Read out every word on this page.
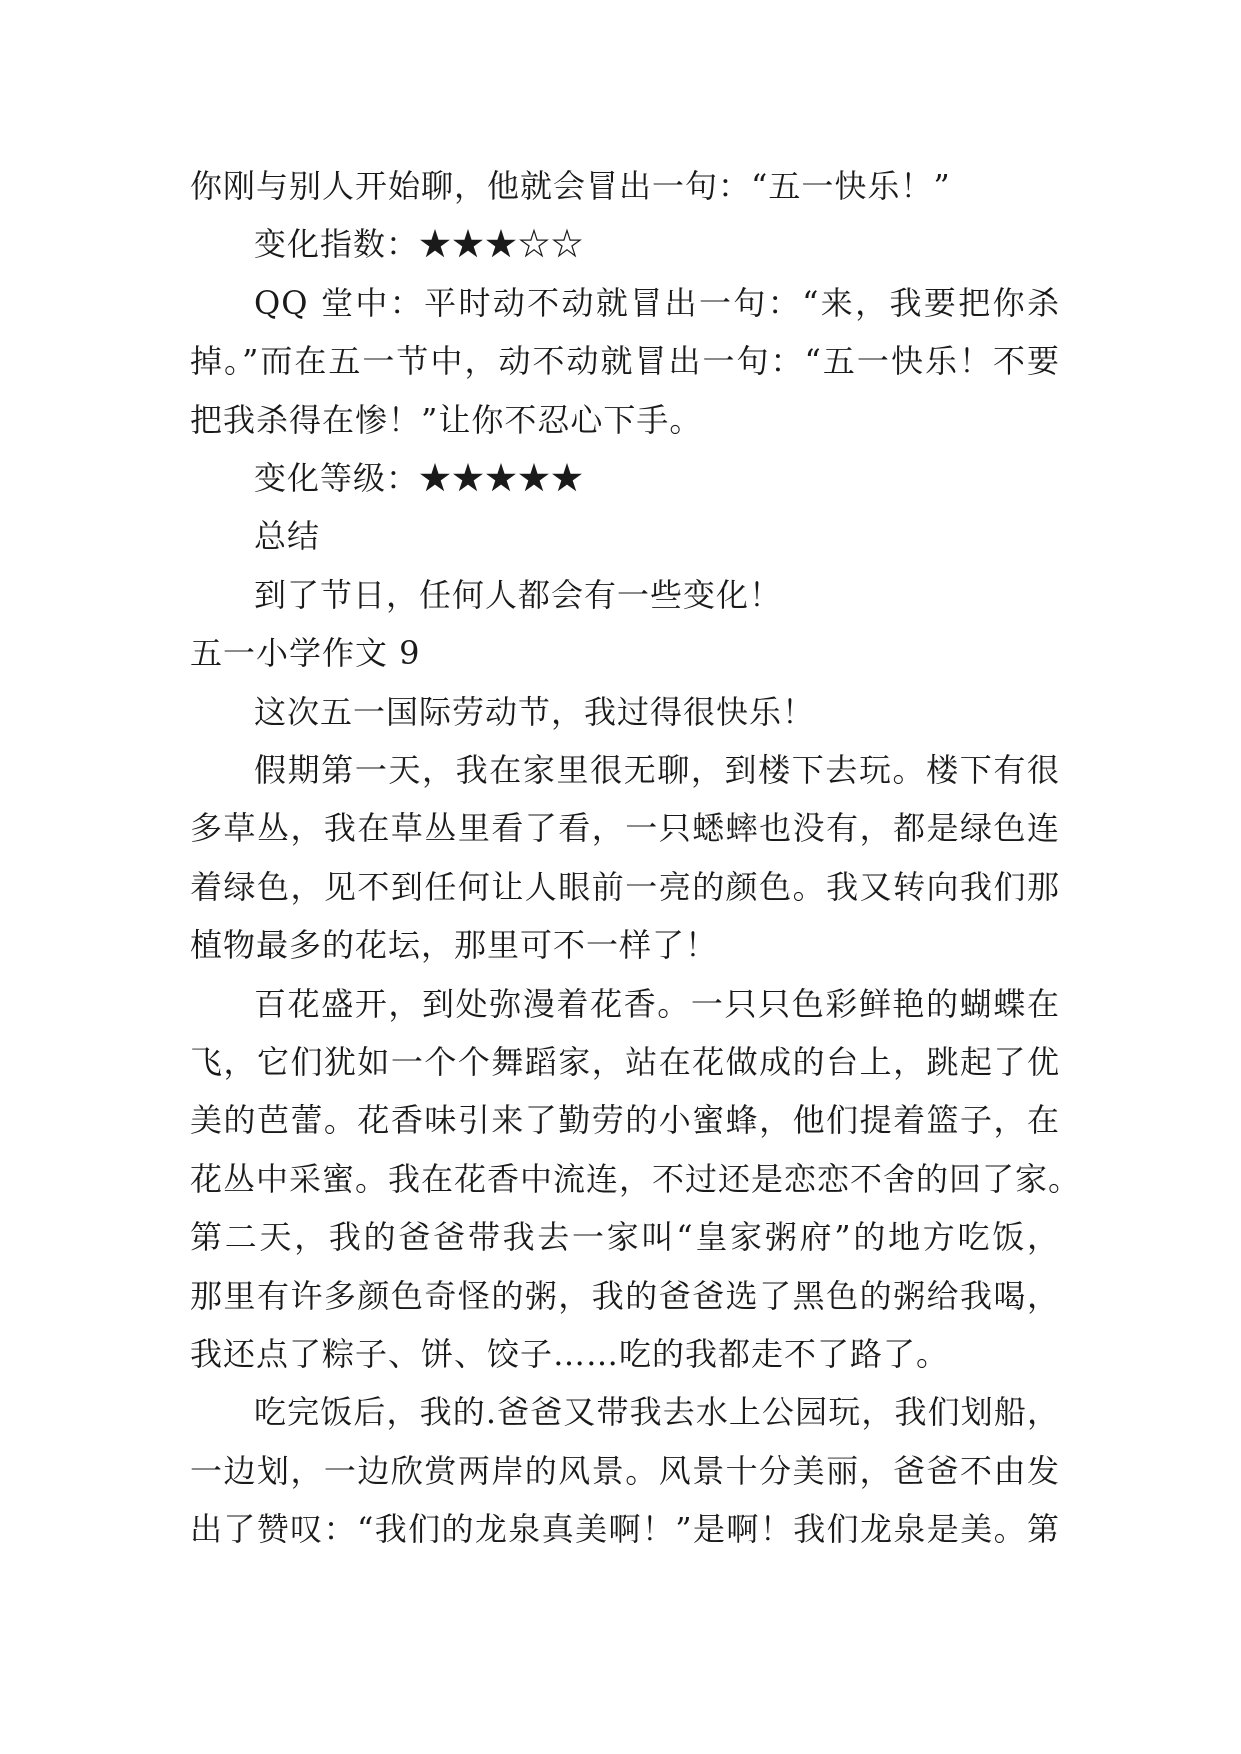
你刚与别人开始聊，他就会冒出一句：“五一快乐！”
变化指数：★★★☆☆
QQ 堂中：平时动不动就冒出一句：“来，我要把你杀
掉。”而在五一节中，动不动就冒出一句：“五一快乐！不要
把我杀得在惨！”让你不忍心下手。
变化等级：★★★★★
总结
到了节日，任何人都会有一些变化！
五一小学作文 9
这次五一国际劳动节，我过得很快乐！
假期第一天，我在家里很无聊，到楼下去玩。楼下有很
多草丛，我在草丛里看了看，一只蟋蟀也没有，都是绿色连
着绿色，见不到任何让人眼前一亮的颜色。我又转向我们那
植物最多的花坛，那里可不一样了！
百花盛开，到处弥漫着花香。一只只色彩鲜艳的蝴蝶在
飞，它们犹如一个个舞蹈家，站在花做成的台上，跳起了优
美的芭蕾。花香味引来了勤劳的小蜜蜂，他们提着篮子，在
花丛中采蜜。我在花香中流连，不过还是恋恋不舍的回了家。
第二天，我的爸爸带我去一家叫“皇家粥府”的地方吃饭，
那里有许多颜色奇怪的粥，我的爸爸选了黑色的粥给我喝，
我还点了粽子、饼、饺子……吃的我都走不了路了。
吃完饭后，我的.爸爸又带我去水上公园玩，我们划船，
一边划，一边欣赏两岸的风景。风景十分美丽，爸爸不由发
出了赞叹：“我们的龙泉真美啊！”是啊！我们龙泉是美。第
